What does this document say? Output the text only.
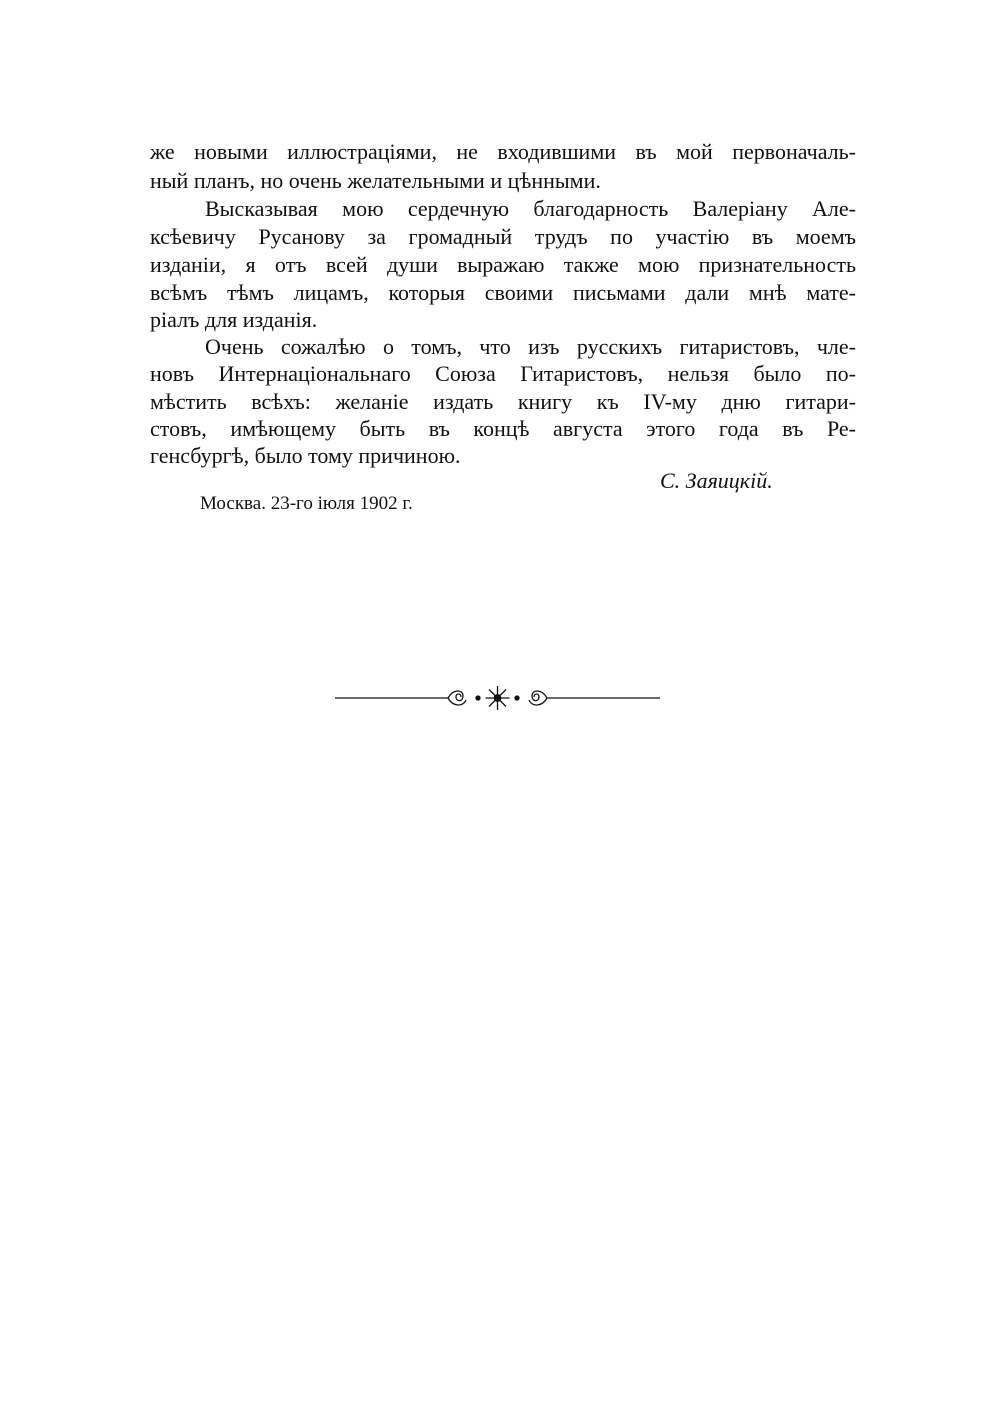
же новыми иллюстраціями, не входившими въ мой первоначаль-
ный планъ, но очень желательными и цѣнными.
Высказывая мою сердечную благодарность Валеріану Але-
ксѣевичу Русанову за громадный трудъ по участію въ моемъ
изданіи, я отъ всей души выражаю также мою признательность
всѣмъ тѣмъ лицамъ, которыя своими письмами дали мнѣ мате-
ріалъ для изданія.
Очень сожалѣю о томъ, что изъ русскихъ гитаристовъ, чле-
новъ Интернаціональнаго Союза Гитаристовъ, нельзя было по-
мѣстить всѣхъ: желаніе издать книгу къ IV-му дню гитари-
стовъ, имѣющему быть въ концѣ августа этого года въ Ре-
генсбургѣ, было тому причиною.
С. Заяицкій.
Москва. 23-го іюля 1902 г.
